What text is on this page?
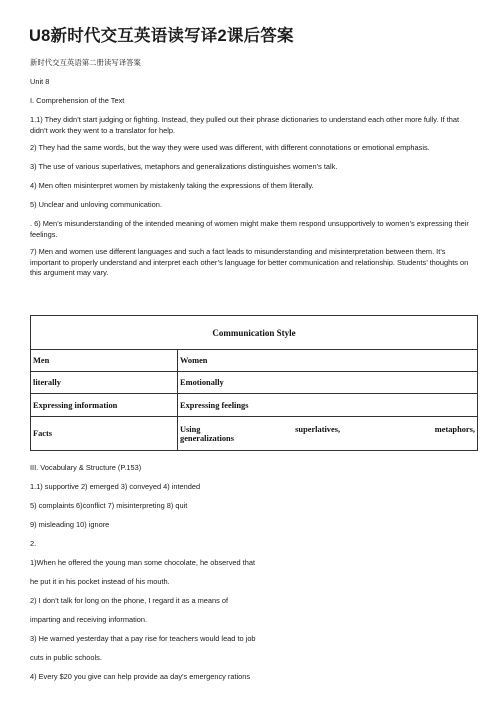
U8新时代交互英语读写译2课后答案
新时代交互英语第二册读写译答案
Unit 8
I. Comprehension of the Text
1.1) They didn’t start judging or fighting. Instead, they pulled out their phrase dictionaries to understand each other more fully. If that didn’t work they went to a translator for help.
2) They had the same words, but the way they were used was different, with different connotations or emotional emphasis.
3) The use of various superlatives, metaphors and generalizations distinguishes women’s talk.
4) Men often misinterpret women by mistakenly taking the expressions of them literally.
5) Unclear and unloving communication.
. 6) Men’s misunderstanding of the intended meaning of women might make them respond unsupportively to women’s expressing their feelings.
7) Men and women use different languages and such a fact leads to misunderstanding and misinterpretation between them. It’s important to properly understand and interpret each other’s language for better communication and relationship. Students’ thoughts on this argument may vary.
Communication Style	
Men	Women
literally	Emotionally
Expressing information	Expressing feelings
Facts	Using superlatives, metaphors,
generalizations
III. Vocabulary & Structure (P.153)
1.1) supportive 2) emerged 3) conveyed 4) intended
5) complaints 6)conflict 7) misinterpreting 8) quit
9) misleading 10) ignore
2.
1)When he offered the young man some chocolate, he observed that
he put it in his pocket instead of his mouth.
2) I don’t talk for long on the phone, I regard it as a means of
imparting and receiving information.
3) He warned yesterday that a pay rise for teachers would lead to job
cuts in public schools.
4) Every $20 you give can help provide aa day’s emergency rations
